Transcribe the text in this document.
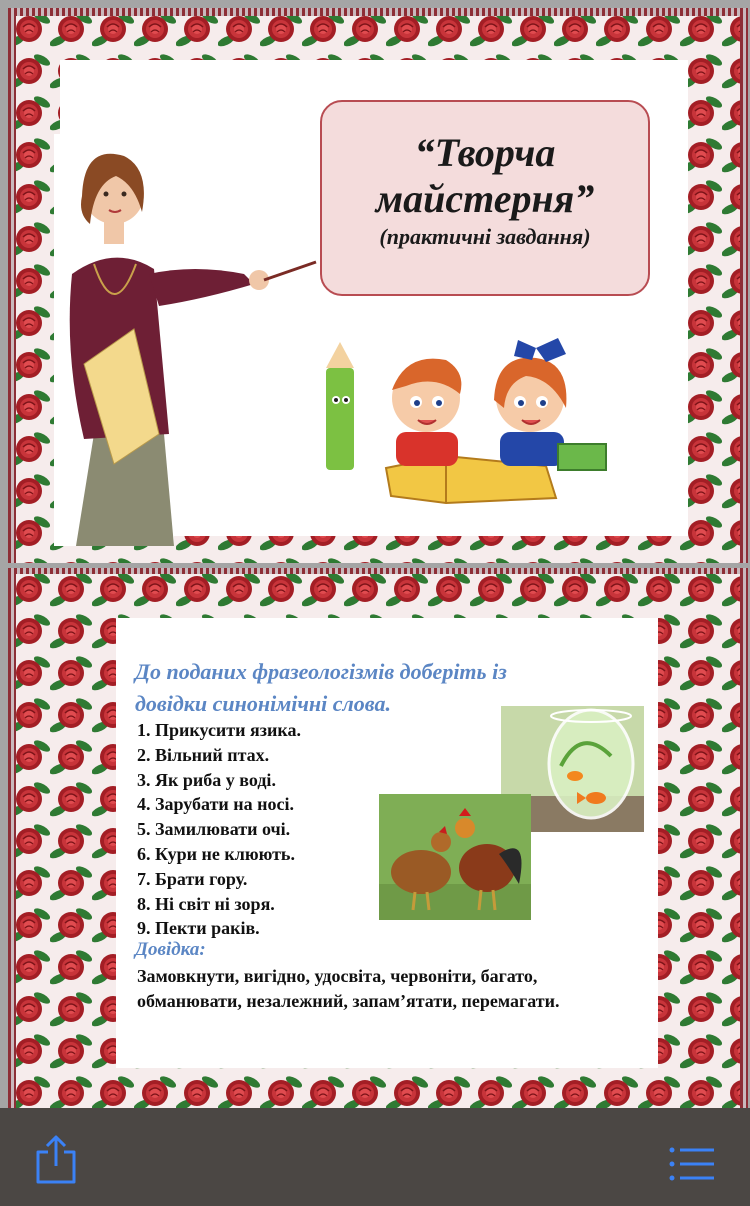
“Творча
майстерня”
(практичні завдання)
До поданих фразеологізмів доберіть із
довідки синонімічні слова.
1. Прикусити язика.
2. Вільний птах.
3. Як риба у воді.
4. Зарубати на носі.
5. Замилювати очі.
6. Кури не клюють.
7. Брати гору.
8. Ні світ ні зоря.
9. Пекти раків.
Довідка:
Замовкнути, вигідно, удосвіта, червоніти, багато, обманювати, незалежний, запам’ятати, перемагати.
